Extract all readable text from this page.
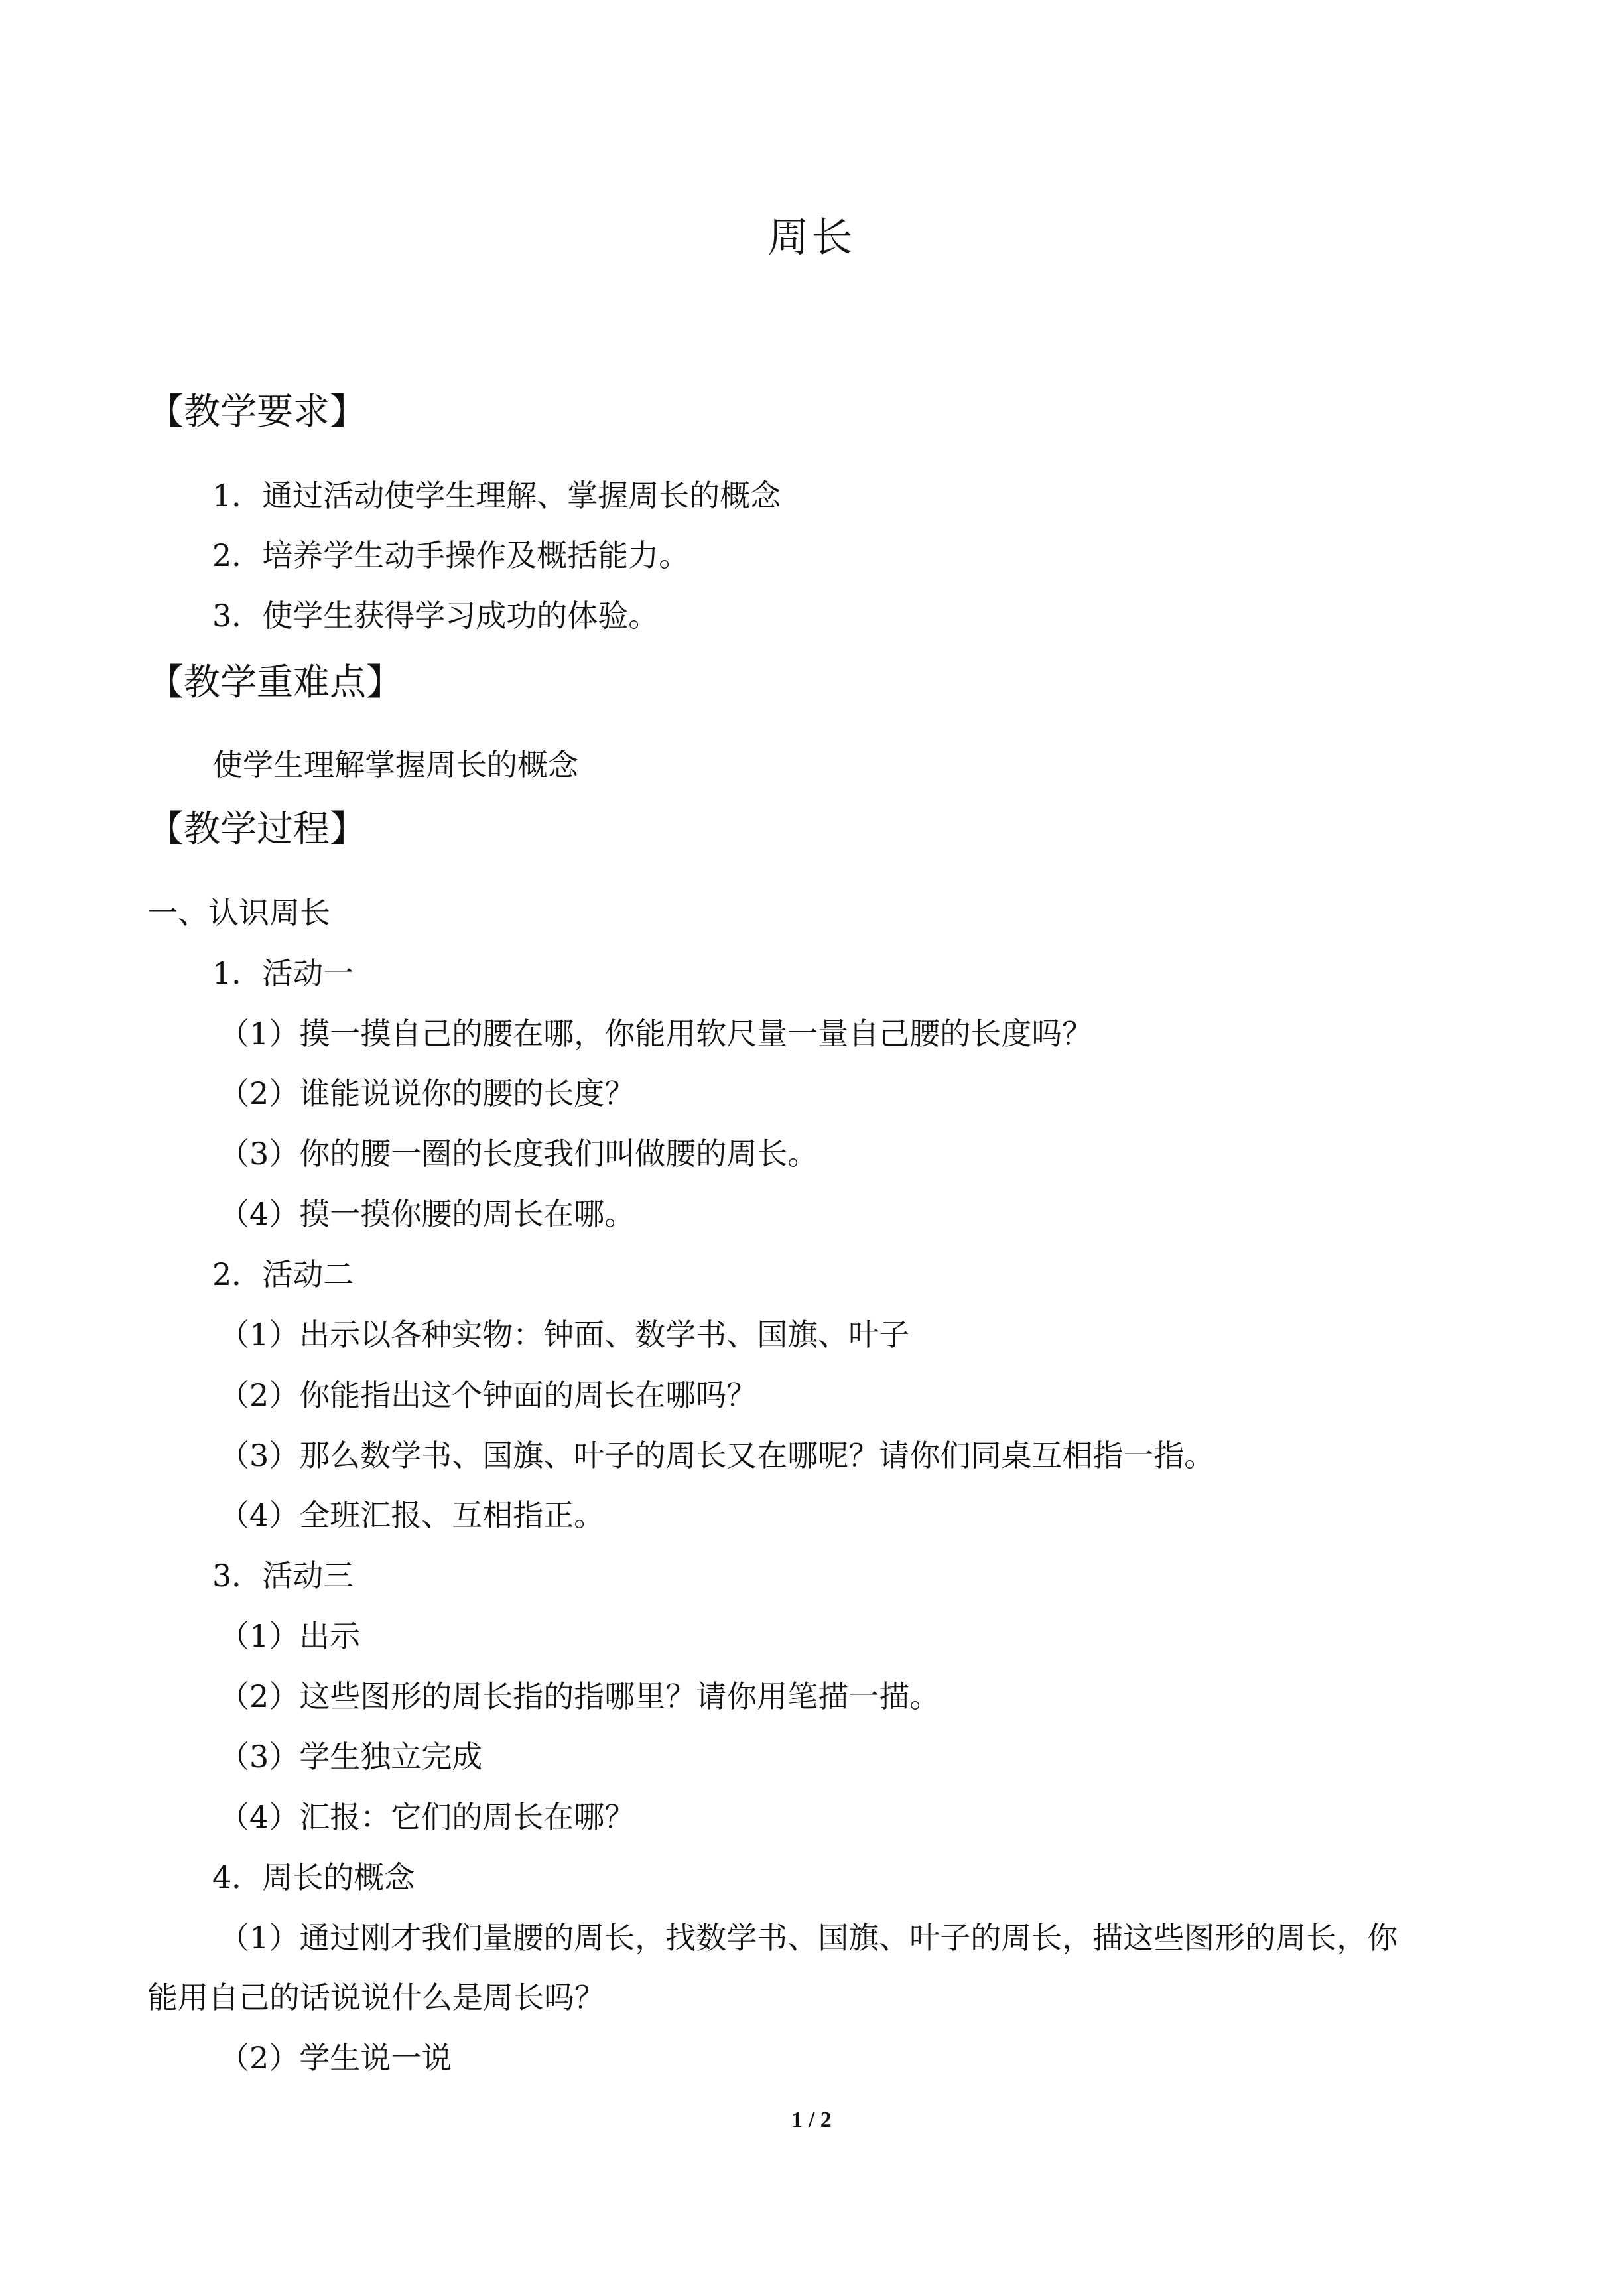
周长
【教学要求】
1．通过活动使学生理解、掌握周长的概念
2．培养学生动手操作及概括能力。
3．使学生获得学习成功的体验。
【教学重难点】
使学生理解掌握周长的概念
【教学过程】
一、认识周长
1．活动一
（1）摸一摸自己的腰在哪，你能用软尺量一量自己腰的长度吗？
（2）谁能说说你的腰的长度？
（3）你的腰一圈的长度我们叫做腰的周长。
（4）摸一摸你腰的周长在哪。
2．活动二
（1）出示以各种实物：钟面、数学书、国旗、叶子
（2）你能指出这个钟面的周长在哪吗？
（3）那么数学书、国旗、叶子的周长又在哪呢？请你们同桌互相指一指。
（4）全班汇报、互相指正。
3．活动三
（1）出示
（2）这些图形的周长指的指哪里？请你用笔描一描。
（3）学生独立完成
（4）汇报：它们的周长在哪？
4．周长的概念
（1）通过刚才我们量腰的周长，找数学书、国旗、叶子的周长，描这些图形的周长，你
能用自己的话说说什么是周长吗？
（2）学生说一说
1 / 2
